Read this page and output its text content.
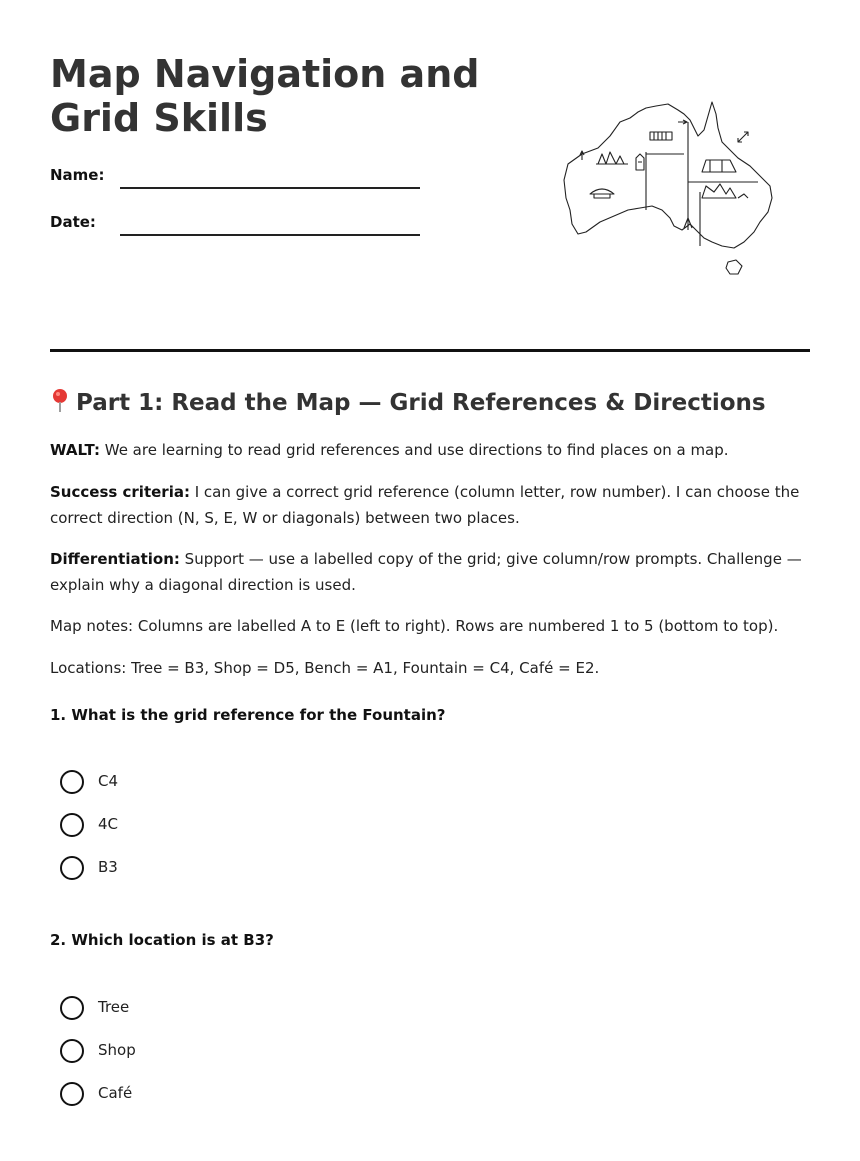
Map Navigation and Grid Skills
Name:
Date:
Part 1: Read the Map — Grid References & Directions

WALT: We are learning to read grid references and use directions to find places on a map.

Success criteria: I can give a correct grid reference (column letter, row number). I can choose the correct direction (N, S, E, W or diagonals) between two places.

Differentiation: Support — use a labelled copy of the grid; give column/row prompts. Challenge — explain why a diagonal direction is used.

Map notes: Columns are labelled A to E (left to right). Rows are numbered 1 to 5 (bottom to top).

Locations: Tree = B3, Shop = D5, Bench = A1, Fountain = C4, Café = E2.

1. What is the grid reference for the Fountain?

C4
4C
B3

2. Which location is at B3?

Tree
Shop
Café
